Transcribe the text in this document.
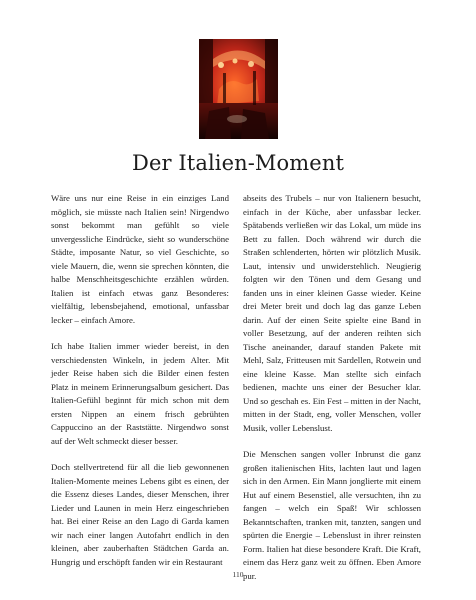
Der Italien-Moment

Wäre uns nur eine Reise in ein einziges Land möglich, sie müsste nach Italien sein! Nirgendwo sonst bekommt man gefühlt so viele unvergessliche Eindrücke, sieht so wunderschöne Städte, imposante Natur, so viel Geschichte, so viele Mauern, die, wenn sie sprechen könnten, die halbe Menschheitsgeschichte erzählen würden. Italien ist einfach etwas ganz Besonderes: vielfältig, lebensbejahend, emotional, unfassbar lecker – einfach Amore.

Ich habe Italien immer wieder bereist, in den verschiedensten Winkeln, in jedem Alter. Mit jeder Reise haben sich die Bilder einen festen Platz in meinem Erinnerungsalbum gesichert. Das Italien-Gefühl beginnt für mich schon mit dem ersten Nippen an einem frisch gebrühten Cappuccino an der Raststätte. Nirgendwo sonst auf der Welt schmeckt dieser besser.

Doch stellvertretend für all die lieb gewonnenen Italien-Momente meines Lebens gibt es einen, der die Essenz dieses Landes, dieser Menschen, ihrer Lieder und Launen in mein Herz eingeschrieben hat. Bei einer Reise an den Lago di Garda kamen wir nach einer langen Autofahrt endlich in den kleinen, aber zauberhaften Städtchen Garda an. Hungrig und erschöpft fanden wir ein Restaurant

abseits des Trubels – nur von Italienern besucht, einfach in der Küche, aber unfassbar lecker. Spätabends verließen wir das Lokal, um müde ins Bett zu fallen. Doch während wir durch die Straßen schlenderten, hörten wir plötzlich Musik. Laut, intensiv und unwiderstehlich. Neugierig folgten wir den Tönen und dem Gesang und fanden uns in einer kleinen Gasse wieder. Keine drei Meter breit und doch lag das ganze Leben darin. Auf der einen Seite spielte eine Band in voller Besetzung, auf der anderen reihten sich Tische aneinander, darauf standen Pakete mit Mehl, Salz, Fritteusen mit Sardellen, Rotwein und eine kleine Kasse. Man stellte sich einfach bedienen, machte uns einer der Besucher klar. Und so geschah es. Ein Fest – mitten in der Nacht, mitten in der Stadt, eng, voller Menschen, voller Musik, voller Lebenslust.

Die Menschen sangen voller Inbrunst die ganz großen italienischen Hits, lachten laut und lagen sich in den Armen. Ein Mann jonglierte mit einem Hut auf einem Besenstiel, alle versuchten, ihn zu fangen – welch ein Spaß! Wir schlossen Bekanntschaften, tranken mit, tanzten, sangen und spürten die Energie – Lebenslust in ihrer reinsten Form. Italien hat diese besondere Kraft. Die Kraft, einem das Herz ganz weit zu öffnen. Eben Amore pur.

110
